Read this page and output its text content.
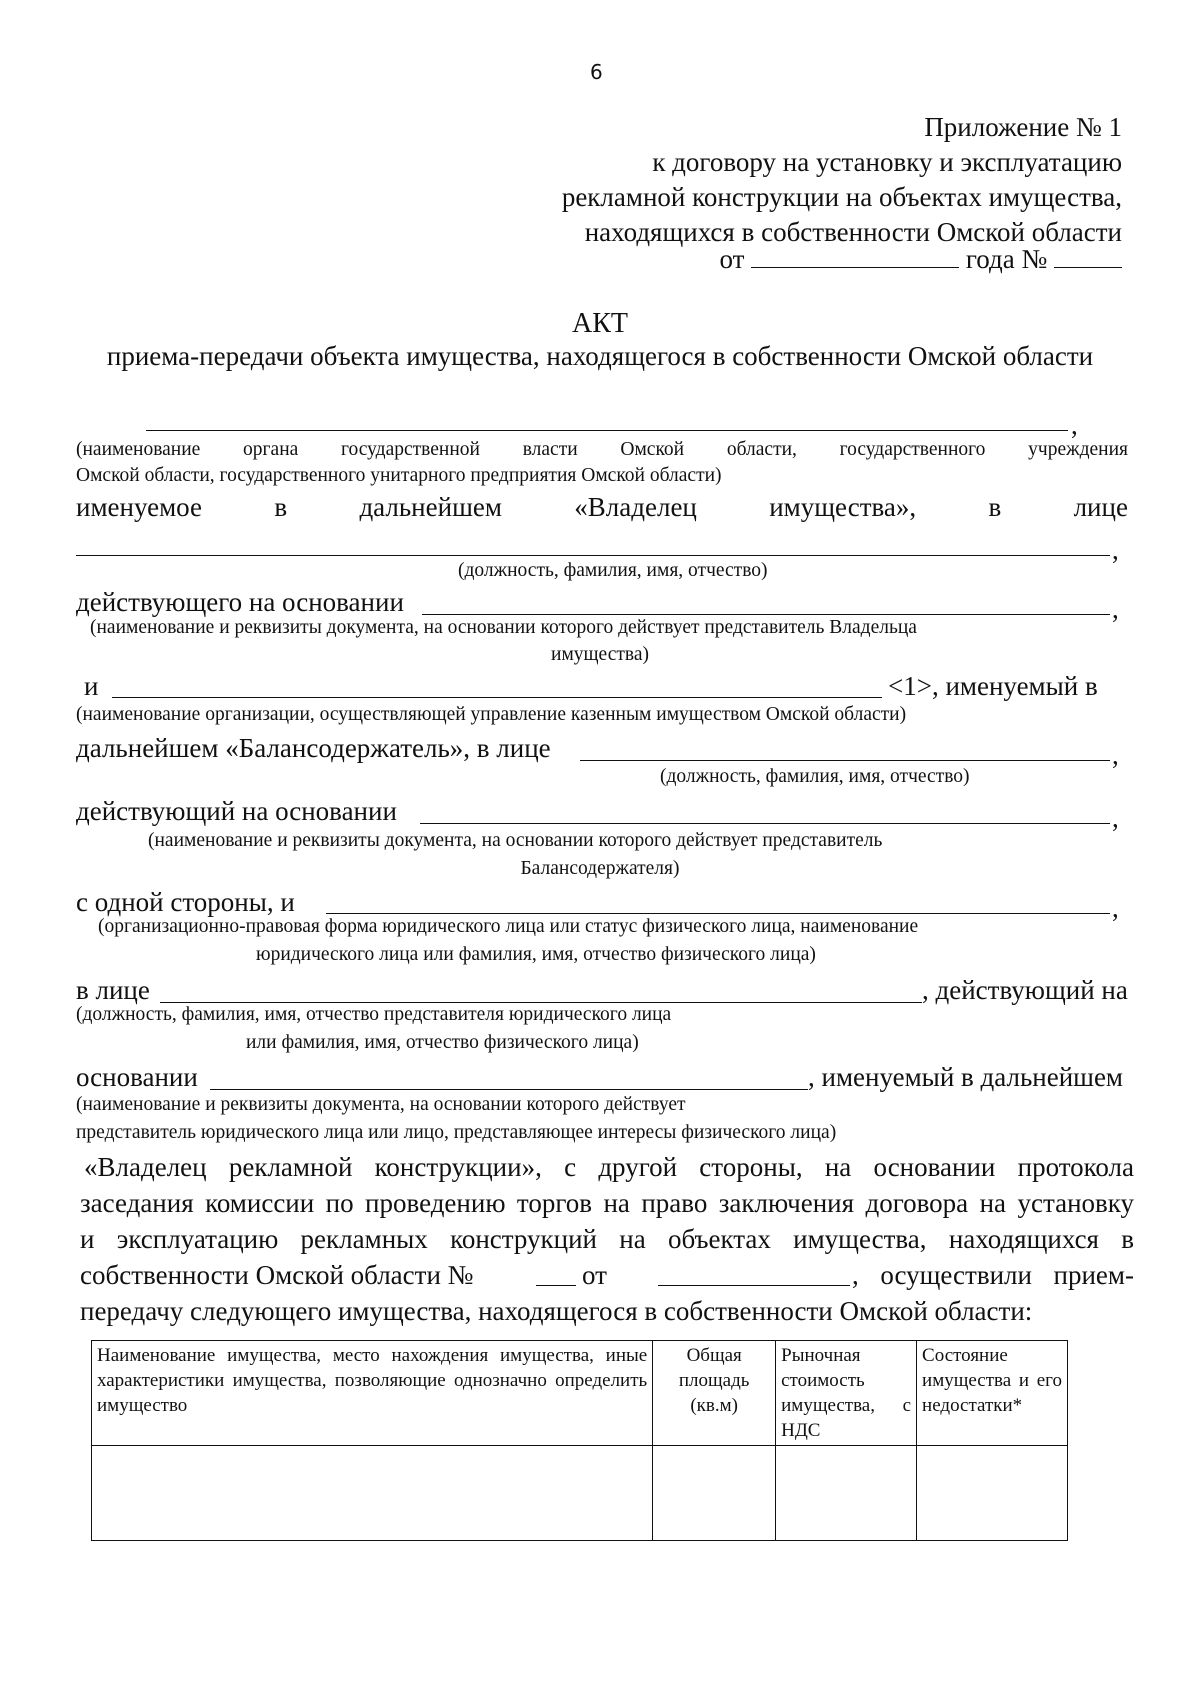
6
Приложение № 1
к договору на установку и эксплуатацию
рекламной конструкции на объектах имущества,
находящихся в собственности Омской области
от	года №
АКТ
приема-передачи объекта имущества, находящегося в собственности Омской области
,
(наименование органа государственной власти Омской области, государственного учреждения
Омской области, государственного унитарного предприятия Омской области)
именуемое	в	дальнейшем	«Владелец	имущества»,	в	лице
,
(должность, фамилия, имя, отчество)
действующего на основании	,
(наименование и реквизиты документа, на основании которого действует представитель Владельца
имущества)
и	<1>, именуемый в
(наименование организации, осуществляющей управление казенным имуществом Омской области)
дальнейшем «Балансодержатель», в лице	,
(должность, фамилия, имя, отчество)
действующий на основании	,
(наименование и реквизиты документа, на основании которого действует представитель
Балансодержателя)
с одной стороны, и	,
(организационно-правовая форма юридического лица или статус физического лица, наименование
юридического лица или фамилия, имя, отчество физического лица)
в лице	, действующий на
(должность, фамилия, имя, отчество представителя юридического лица
или фамилия, имя, отчество физического лица)
основании	, именуемый в дальнейшем
(наименование и реквизиты документа, на основании которого действует
представитель юридического лица или лицо, представляющее интересы физического лица)
«Владелец рекламной конструкции», с другой стороны, на основании протокола
заседания комиссии по проведению торгов на право заключения договора на установку
и эксплуатацию рекламных конструкций на объектах имущества, находящихся в
собственности Омской области №	от	, осуществили прием-
передачу следующего имущества, находящегося в собственности Омской области:
Наименование имущества, место нахождения имущества, иные характеристики имущества, позволяющие однозначно определить имущество	Общая площадь (кв.м)	Рыночная стоимость имущества, с НДС	Состояние имущества и его недостатки*
